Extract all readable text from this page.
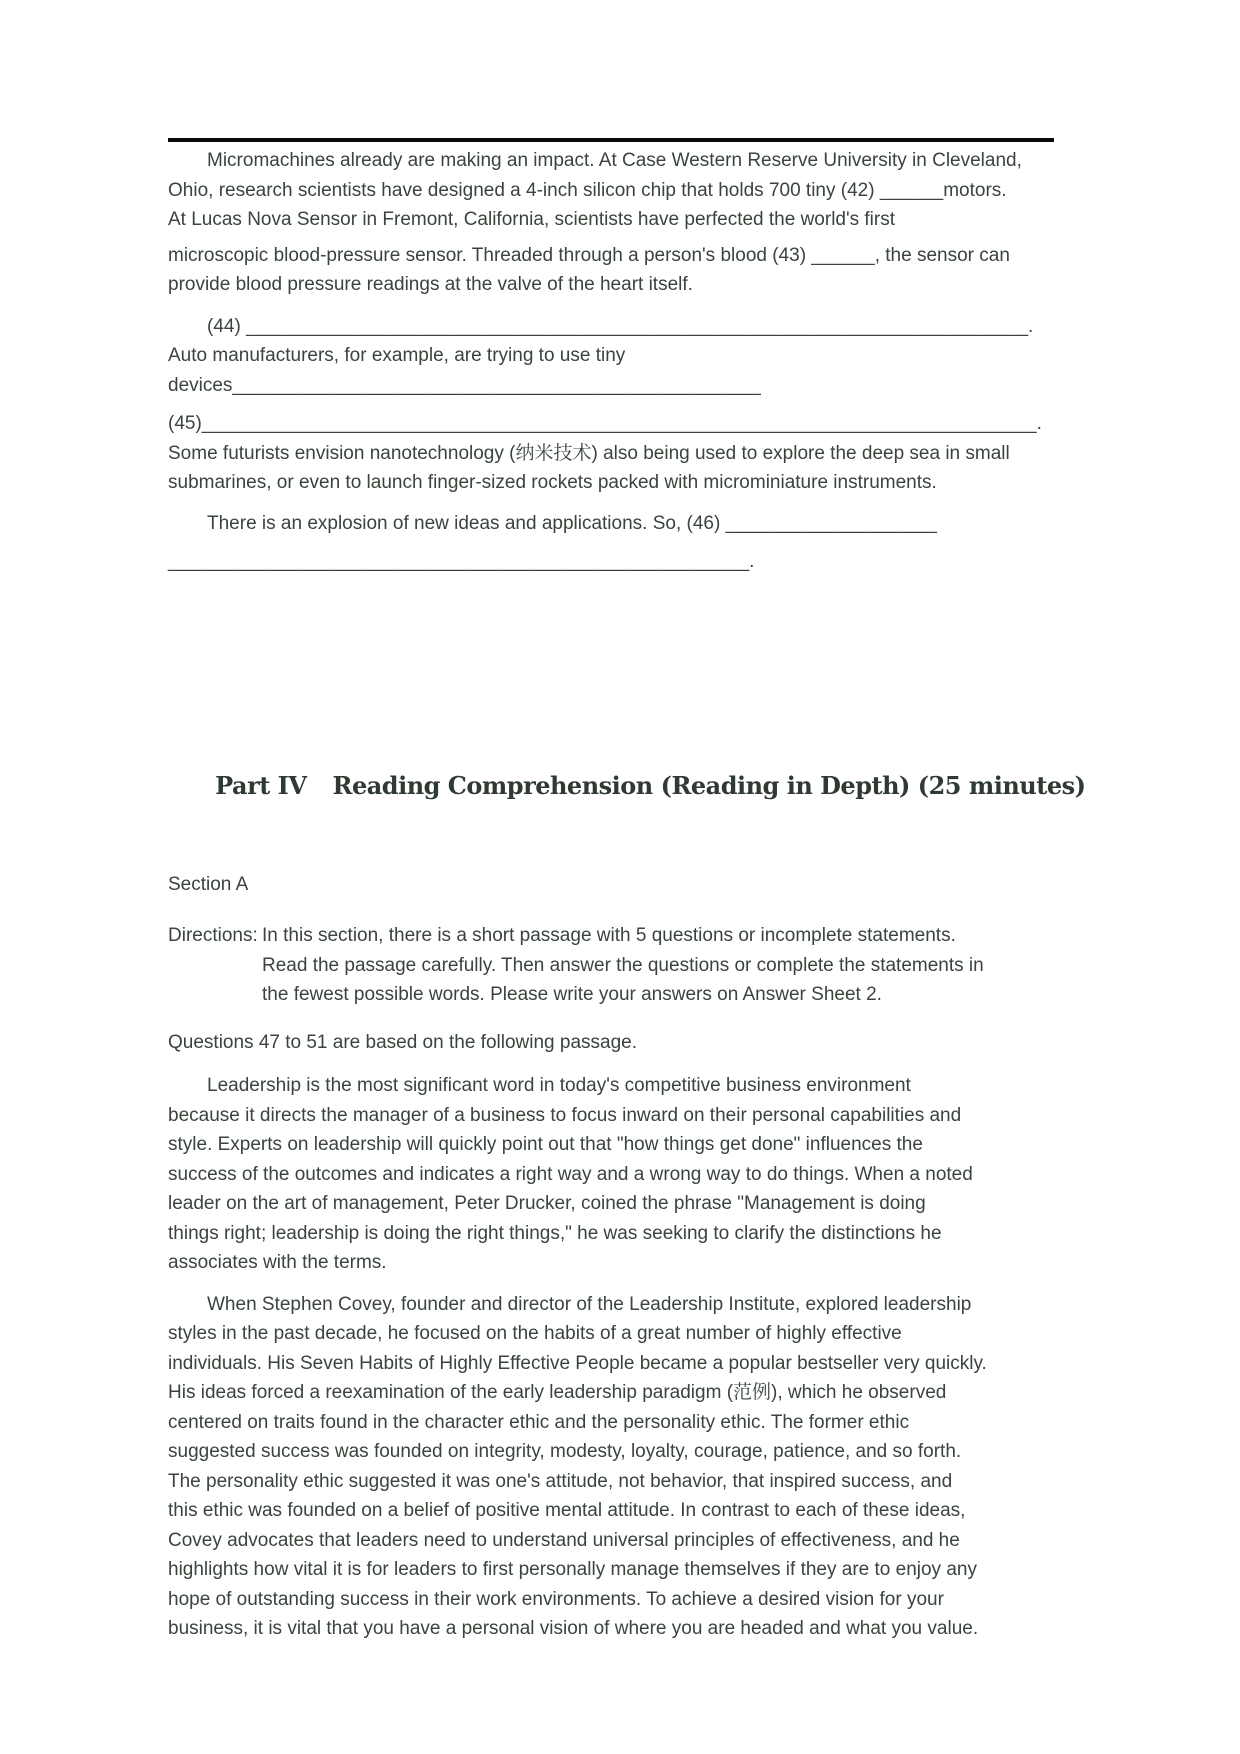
Micromachines already are making an impact. At Case Western Reserve University in Cleveland,
Ohio, research scientists have designed a 4-inch silicon chip that holds 700 tiny (42) ______motors.
At Lucas Nova Sensor in Fremont, California, scientists have perfected the world's first
microscopic blood-pressure sensor. Threaded through a person's blood (43) ______, the sensor can
provide blood pressure readings at the valve of the heart itself.
(44) __________________________________________________________________________.
Auto manufacturers, for example, are trying to use tiny
devices__________________________________________________
(45)_______________________________________________________________________________.
Some futurists envision nanotechnology (纳米技术) also being used to explore the deep sea in small
submarines, or even to launch finger-sized rockets packed with microminiature instruments.
There is an explosion of new ideas and applications. So, (46) ____________________
_______________________________________________________.

Part IV Reading Comprehension (Reading in Depth) (25 minutes)

Section A
Directions: In this section, there is a short passage with 5 questions or incomplete statements.
Read the passage carefully. Then answer the questions or complete the statements in
the fewest possible words. Please write your answers on Answer Sheet 2.
Questions 47 to 51 are based on the following passage.
Leadership is the most significant word in today's competitive business environment
because it directs the manager of a business to focus inward on their personal capabilities and
style. Experts on leadership will quickly point out that "how things get done" influences the
success of the outcomes and indicates a right way and a wrong way to do things. When a noted
leader on the art of management, Peter Drucker, coined the phrase "Management is doing
things right; leadership is doing the right things," he was seeking to clarify the distinctions he
associates with the terms.
When Stephen Covey, founder and director of the Leadership Institute, explored leadership
styles in the past decade, he focused on the habits of a great number of highly effective
individuals. His Seven Habits of Highly Effective People became a popular bestseller very quickly.
His ideas forced a reexamination of the early leadership paradigm (范例), which he observed
centered on traits found in the character ethic and the personality ethic. The former ethic
suggested success was founded on integrity, modesty, loyalty, courage, patience, and so forth.
The personality ethic suggested it was one's attitude, not behavior, that inspired success, and
this ethic was founded on a belief of positive mental attitude. In contrast to each of these ideas,
Covey advocates that leaders need to understand universal principles of effectiveness, and he
highlights how vital it is for leaders to first personally manage themselves if they are to enjoy any
hope of outstanding success in their work environments. To achieve a desired vision for your
business, it is vital that you have a personal vision of where you are headed and what you value.
